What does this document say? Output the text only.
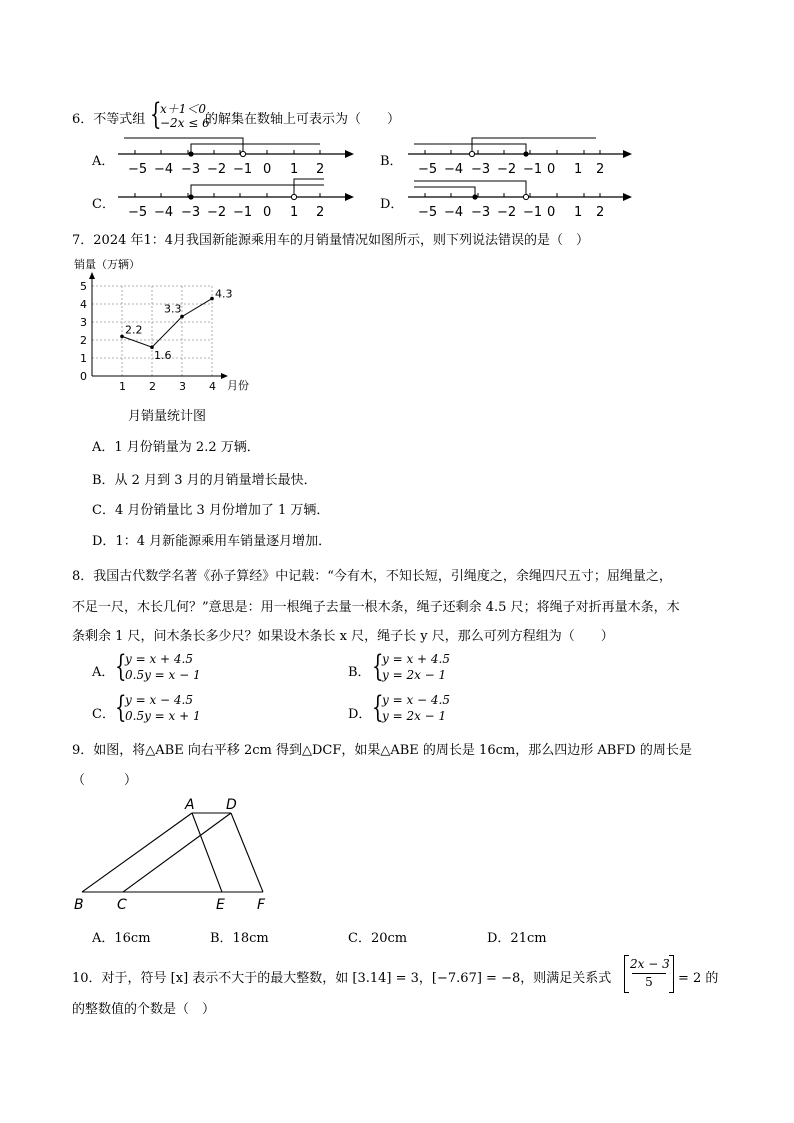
6．不等式组 {
x＋1＜0
−2x ≤ 6
的解集在数轴上可表示为（　　）
A．	B．
C．	D．
−5 −4 −3 −2 −1 0 1 2	−5 −4 −3 −2 −1 0 1 2
−5 −4 −3 −2 −1 0 1 2	−5 −4 −3 −2 −1 0 1 2
7．2024 年1：4月我国新能源乘用车的月销量情况如图所示，则下列说法错误的是（　）
销量（万辆）
月份
0
1
2
3
4
5
1 2 3 4
2.2
1.6
3.3
4.3
月销量统计图
A．1 月份销量为 2.2 万辆．
B．从 2 月到 3 月的月销量增长最快．
C．4 月份销量比 3 月份增加了 1 万辆．
D．1：4 月新能源乘用车销量逐月增加．
8．我国古代数学名著《孙子算经》中记载：“今有木，不知长短，引绳度之，余绳四尺五寸；屈绳量之，
不足一尺，木长几何？”意思是：用一根绳子去量一根木条，绳子还剩余 4.5 尺；将绳子对折再量木条，木
条剩余 1 尺，问木条长多少尺？如果设木条长 x 尺，绳子长 y 尺，那么可列方程组为（　　）
A． {
y = x + 4.5
0.5y = x − 1	B． {
y = x + 4.5
y = 2x − 1
C． {
y = x − 4.5
0.5y = x + 1	D． {
y = x − 4.5
y = 2x − 1
9．如图，将△ABE 向右平移 2cm 得到△DCF，如果△ABE 的周长是 16cm，那么四边形 ABFD 的周长是
（　　　）
A D
B C	E F
A．16cm	B．18cm	C．20cm	D．21cm
10．对于，符号 [x] 表示不大于的最大整数，如 [3.14] = 3，[−7.67] = −8，则满足关系式
2x − 3
5	= 2 的
的整数值的个数是（　）
